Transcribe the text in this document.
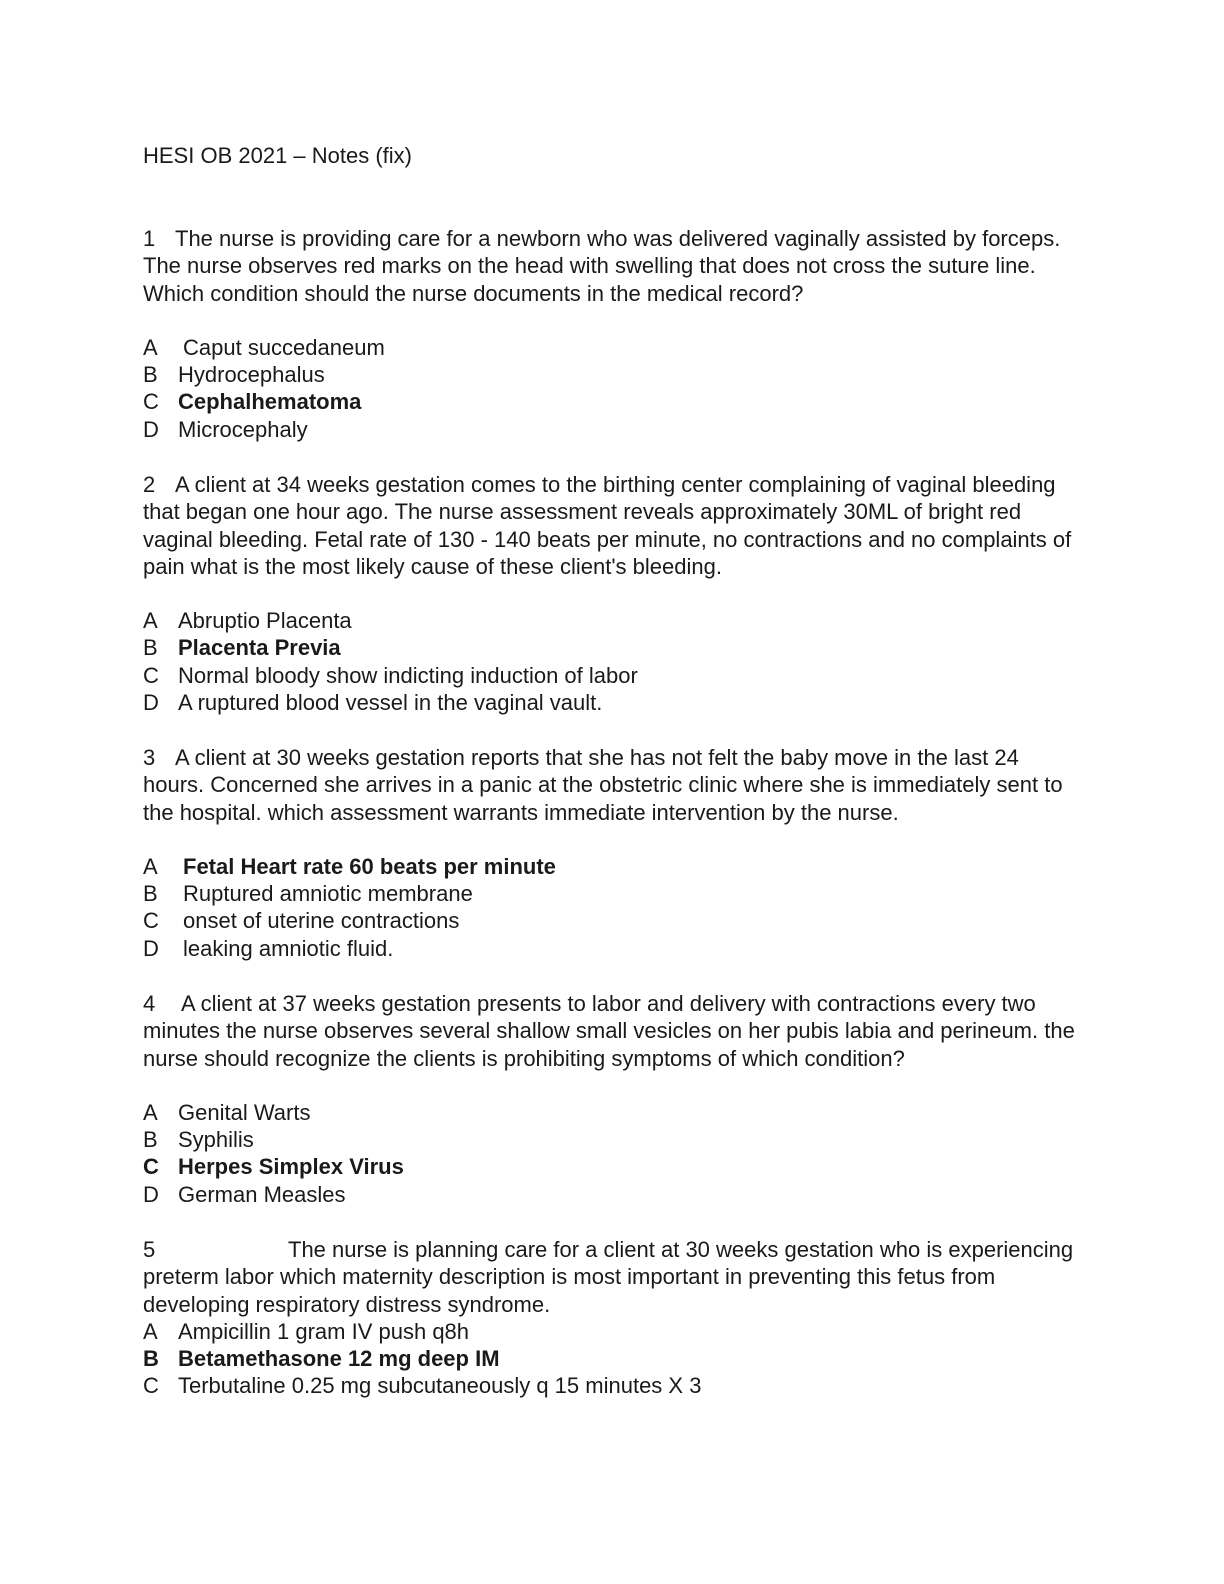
HESI OB 2021 – Notes (fix)

1 The nurse is providing care for a newborn who was delivered vaginally assisted by forceps. The nurse observes red marks on the head with swelling that does not cross the suture line. Which condition should the nurse documents in the medical record?

A	Caput succedaneum
B Hydrocephalus
C Cephalhematoma
D Microcephaly

2 A client at 34 weeks gestation comes to the birthing center complaining of vaginal bleeding that began one hour ago. The nurse assessment reveals approximately 30ML of bright red vaginal bleeding. Fetal rate of 130 - 140 beats per minute, no contractions and no complaints of pain what is the most likely cause of these client's bleeding.

A Abruptio Placenta
B Placenta Previa
C Normal bloody show indicting induction of labor
D A ruptured blood vessel in the vaginal vault.

3 A client at 30 weeks gestation reports that she has not felt the baby move in the last 24 hours. Concerned she arrives in a panic at the obstetric clinic where she is immediately sent to the hospital. which assessment warrants immediate intervention by the nurse.

A	Fetal Heart rate 60 beats per minute
B	Ruptured amniotic membrane
C	onset of uterine contractions
D	leaking amniotic fluid.

4 A client at 37 weeks gestation presents to labor and delivery with contractions every two minutes the nurse observes several shallow small vesicles on her pubis labia and perineum. the nurse should recognize the clients is prohibiting symptoms of which condition?

A Genital Warts
B Syphilis
C Herpes Simplex Virus
D German Measles

5	The nurse is planning care for a client at 30 weeks gestation who is experiencing preterm labor which maternity description is most important in preventing this fetus from developing respiratory distress syndrome.

A Ampicillin 1 gram IV push q8h
B Betamethasone 12 mg deep IM
C Terbutaline 0.25 mg subcutaneously q 15 minutes X 3
